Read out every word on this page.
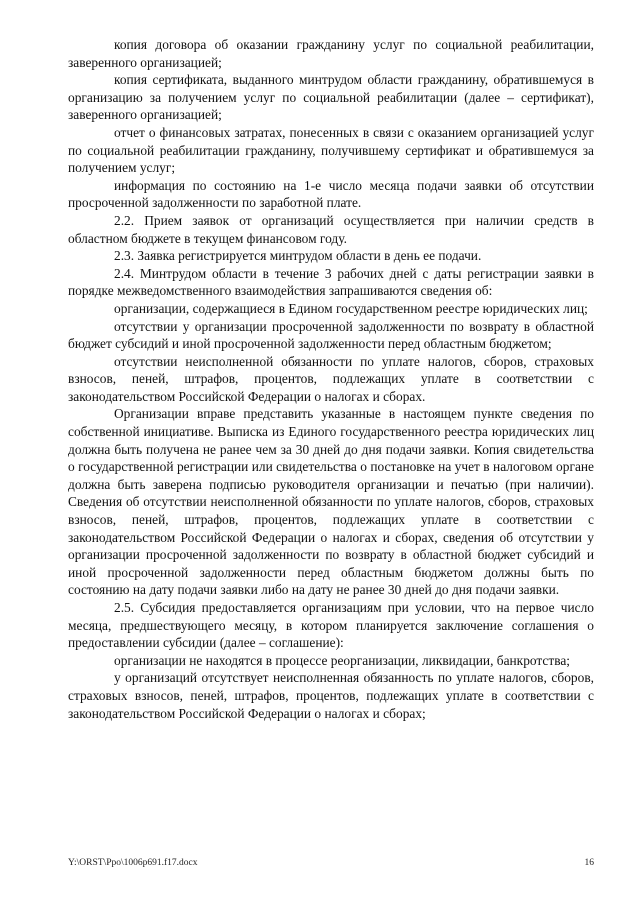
копия договора об оказании гражданину услуг по социальной реабилитации, заверенного организацией;

копия сертификата, выданного минтрудом области гражданину, обратившемуся в организацию за получением услуг по социальной реабилитации (далее – сертификат), заверенного организацией;

отчет о финансовых затратах, понесенных в связи с оказанием организацией услуг по социальной реабилитации гражданину, получившему сертификат и обратившемуся за получением услуг;

информация по состоянию на 1-е число месяца подачи заявки об отсутствии просроченной задолженности по заработной плате.

2.2. Прием заявок от организаций осуществляется при наличии средств в областном бюджете в текущем финансовом году.

2.3. Заявка регистрируется минтрудом области в день ее подачи.

2.4. Минтрудом области в течение 3 рабочих дней с даты регистрации заявки в порядке межведомственного взаимодействия запрашиваются сведения об:

организации, содержащиеся в Едином государственном реестре юридических лиц;

отсутствии у организации просроченной задолженности по возврату в областной бюджет субсидий и иной просроченной задолженности перед областным бюджетом;

отсутствии неисполненной обязанности по уплате налогов, сборов, страховых взносов, пеней, штрафов, процентов, подлежащих уплате в соответствии с законодательством Российской Федерации о налогах и сборах.

Организации вправе представить указанные в настоящем пункте сведения по собственной инициативе. Выписка из Единого государственного реестра юридических лиц должна быть получена не ранее чем за 30 дней до дня подачи заявки. Копия свидетельства о государственной регистрации или свидетельства о постановке на учет в налоговом органе должна быть заверена подписью руководителя организации и печатью (при наличии). Сведения об отсутствии неисполненной обязанности по уплате налогов, сборов, страховых взносов, пеней, штрафов, процентов, подлежащих уплате в соответствии с законодательством Российской Федерации о налогах и сборах, сведения об отсутствии у организации просроченной задолженности по возврату в областной бюджет субсидий и иной просроченной задолженности перед областным бюджетом должны быть по состоянию на дату подачи заявки либо на дату не ранее 30 дней до дня подачи заявки.

2.5. Субсидия предоставляется организациям при условии, что на первое число месяца, предшествующего месяцу, в котором планируется заключение соглашения о предоставлении субсидии (далее – соглашение):

организации не находятся в процессе реорганизации, ликвидации, банкротства;

у организаций отсутствует неисполненная обязанность по уплате налогов, сборов, страховых взносов, пеней, штрафов, процентов, подлежащих уплате в соответствии с законодательством Российской Федерации о налогах и сборах;

Y:\ORST\Ppo\1006p691.f17.docx	16
